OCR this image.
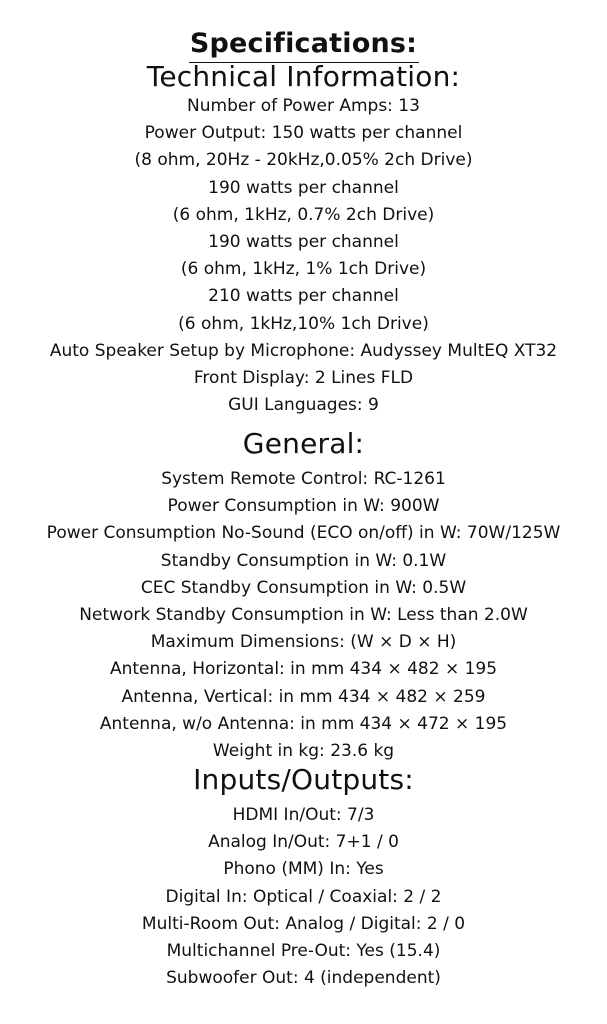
Specifications:
Technical Information:
Number of Power Amps: 13
Power Output: 150 watts per channel
(8 ohm, 20Hz - 20kHz,0.05% 2ch Drive)
190 watts per channel
(6 ohm, 1kHz, 0.7% 2ch Drive)
190 watts per channel
(6 ohm, 1kHz, 1% 1ch Drive)
210 watts per channel
(6 ohm, 1kHz,10% 1ch Drive)
Auto Speaker Setup by Microphone: Audyssey MultEQ XT32
Front Display: 2 Lines FLD
GUI Languages: 9
General:
System Remote Control: RC-1261
Power Consumption in W: 900W
Power Consumption No-Sound (ECO on/off) in W: 70W/125W
Standby Consumption in W: 0.1W
CEC Standby Consumption in W: 0.5W
Network Standby Consumption in W: Less than 2.0W
Maximum Dimensions: (W × D × H)
Antenna, Horizontal: in mm 434 × 482 × 195
Antenna, Vertical: in mm 434 × 482 × 259
Antenna, w/o Antenna: in mm 434 × 472 × 195
Weight in kg: 23.6 kg
Inputs/Outputs:
HDMI In/Out: 7/3
Analog In/Out: 7+1 / 0
Phono (MM) In: Yes
Digital In: Optical / Coaxial: 2 / 2
Multi-Room Out: Analog / Digital: 2 / 0
Multichannel Pre-Out: Yes (15.4)
Subwoofer Out: 4 (independent)
